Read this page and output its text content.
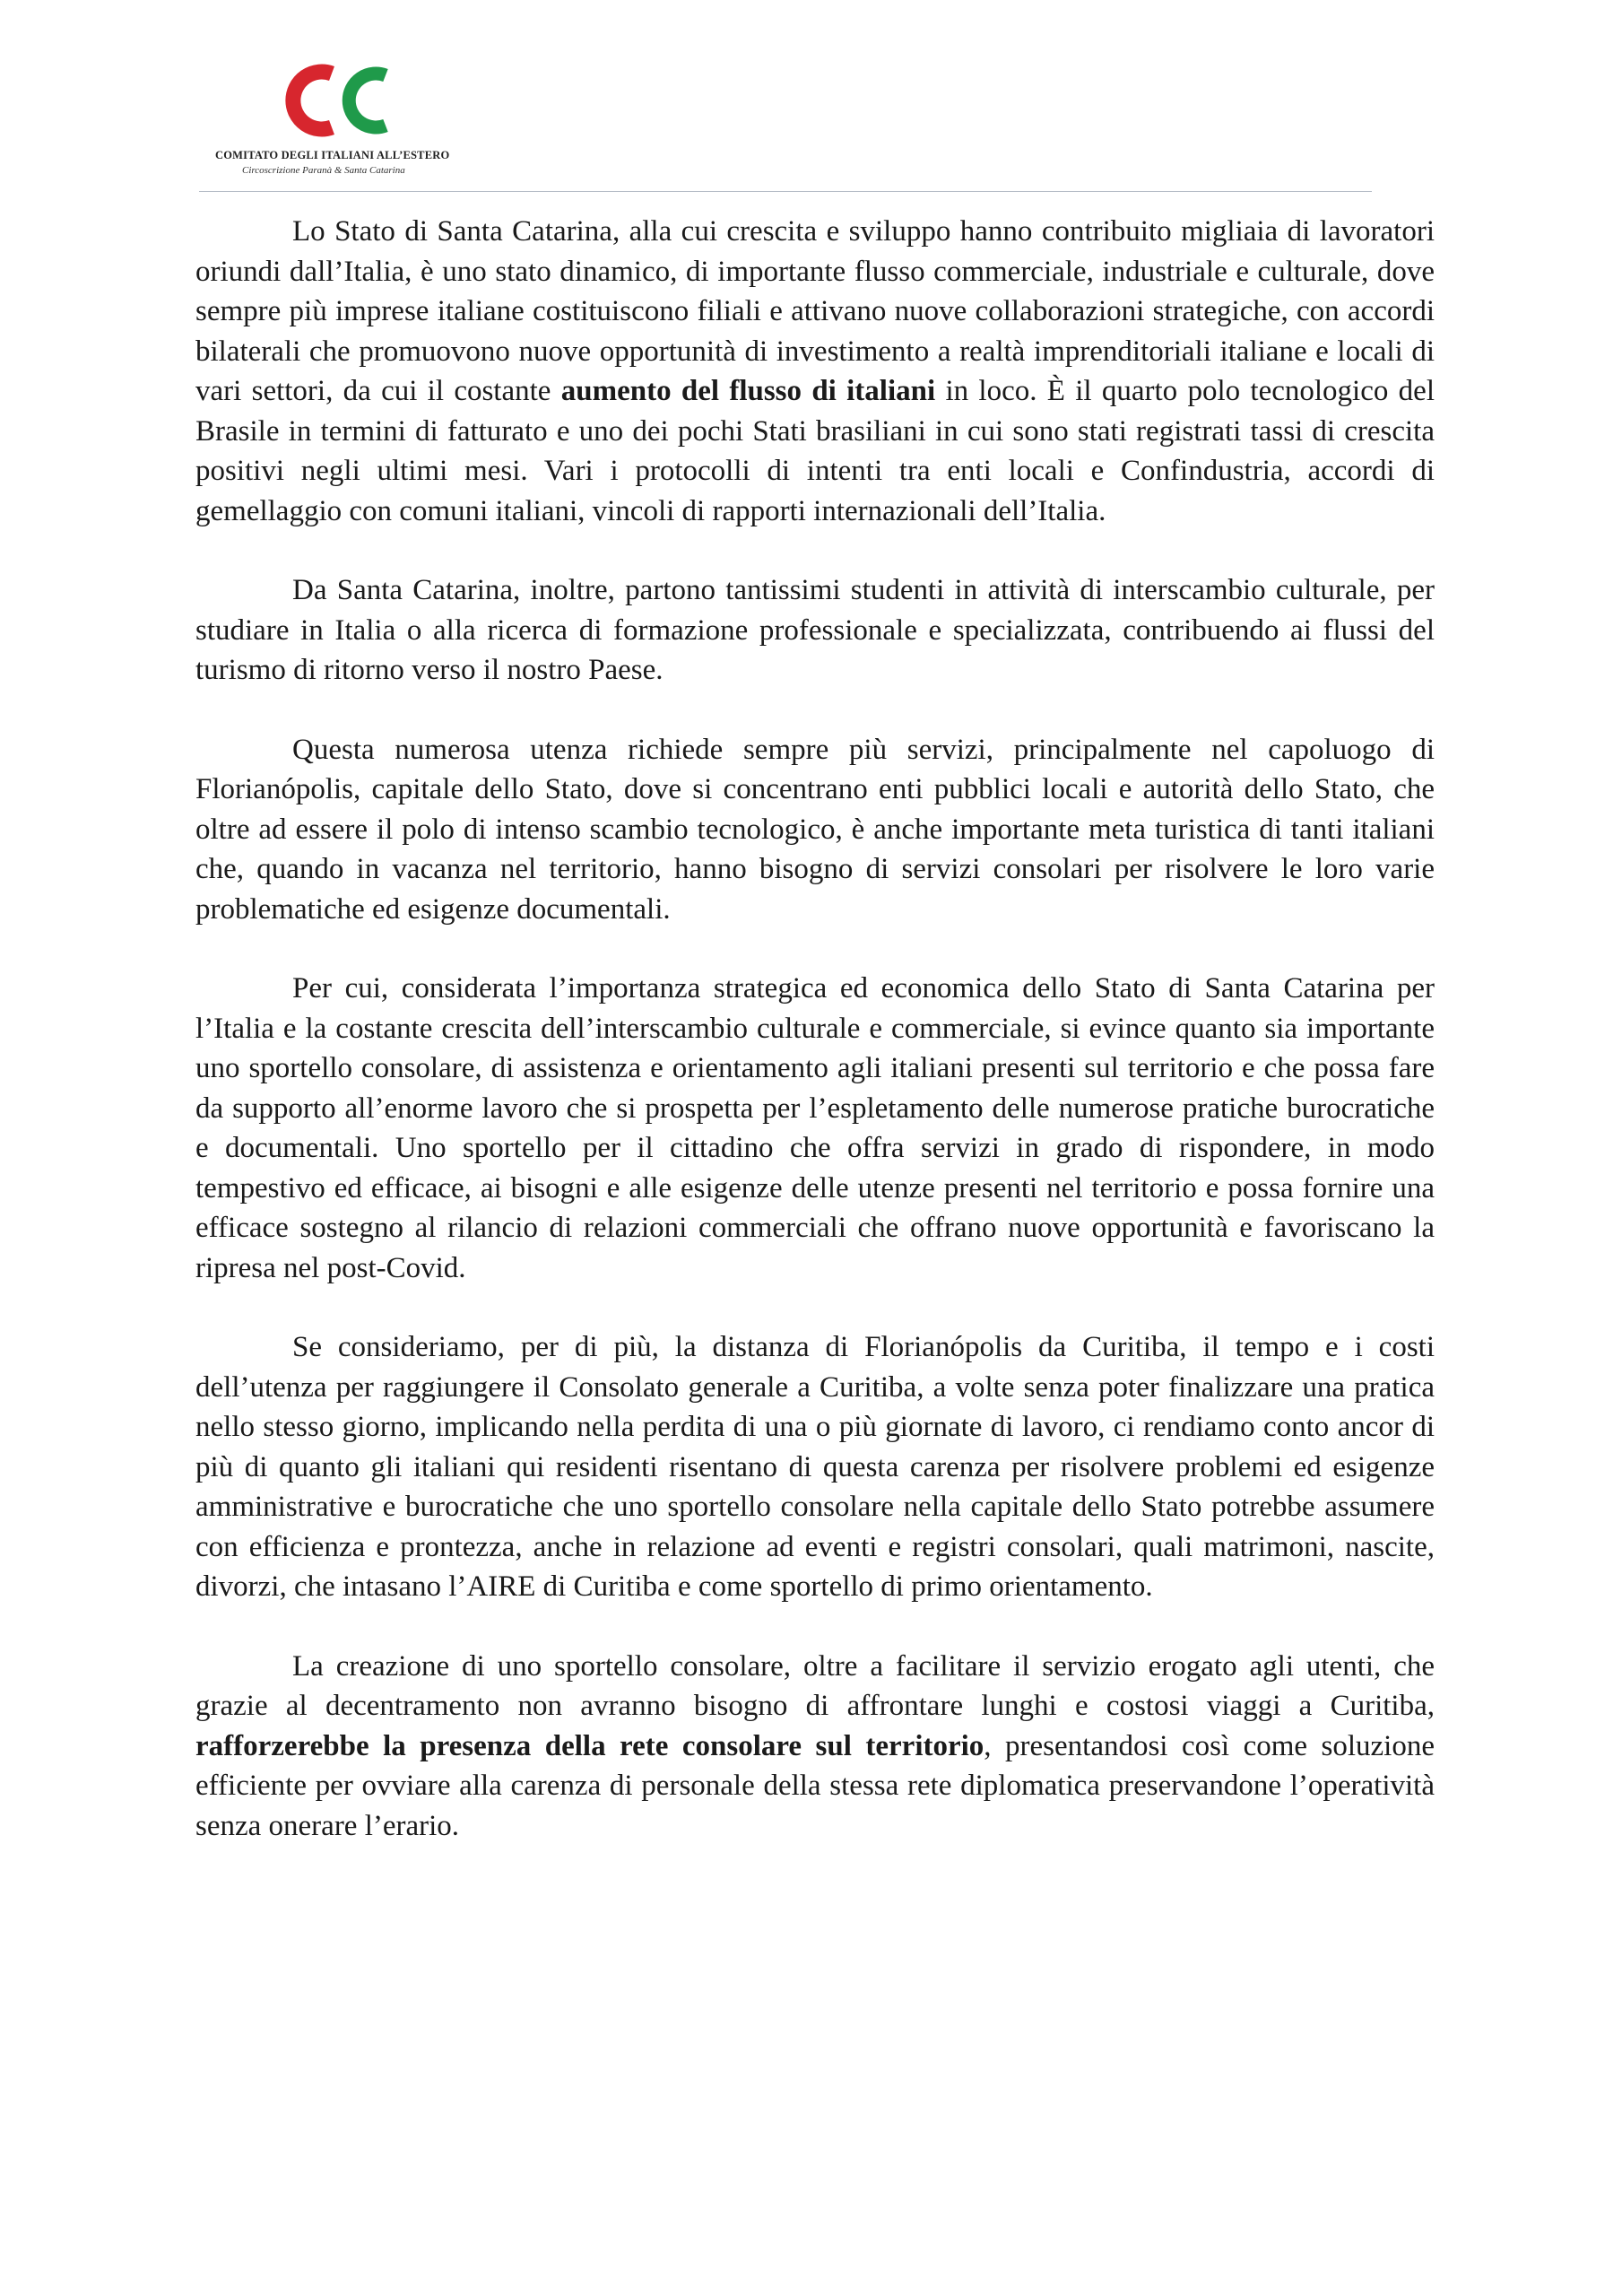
COMITATO DEGLI ITALIANI ALL’ESTERO
Circoscrizione Paranà & Santa Catarina

Lo Stato di Santa Catarina, alla cui crescita e sviluppo hanno contribuito migliaia di lavoratori oriundi dall’Italia, è uno stato dinamico, di importante flusso commerciale, industriale e culturale, dove sempre più imprese italiane costituiscono filiali e attivano nuove collaborazioni strategiche, con accordi bilaterali che promuovono nuove opportunità di investimento a realtà imprenditoriali italiane e locali di vari settori, da cui il costante aumento del flusso di italiani in loco. È il quarto polo tecnologico del Brasile in termini di fatturato e uno dei pochi Stati brasiliani in cui sono stati registrati tassi di crescita positivi negli ultimi mesi. Vari i protocolli di intenti tra enti locali e Confindustria, accordi di gemellaggio con comuni italiani, vincoli di rapporti internazionali dell’Italia.

Da Santa Catarina, inoltre, partono tantissimi studenti in attività di interscambio culturale, per studiare in Italia o alla ricerca di formazione professionale e specializzata, contribuendo ai flussi del turismo di ritorno verso il nostro Paese.

Questa numerosa utenza richiede sempre più servizi, principalmente nel capoluogo di Florianópolis, capitale dello Stato, dove si concentrano enti pubblici locali e autorità dello Stato, che oltre ad essere il polo di intenso scambio tecnologico, è anche importante meta turistica di tanti italiani che, quando in vacanza nel territorio, hanno bisogno di servizi consolari per risolvere le loro varie problematiche ed esigenze documentali.

Per cui, considerata l’importanza strategica ed economica dello Stato di Santa Catarina per l’Italia e la costante crescita dell’interscambio culturale e commerciale, si evince quanto sia importante uno sportello consolare, di assistenza e orientamento agli italiani presenti sul territorio e che possa fare da supporto all’enorme lavoro che si prospetta per l’espletamento delle numerose pratiche burocratiche e documentali. Uno sportello per il cittadino che offra servizi in grado di rispondere, in modo tempestivo ed efficace, ai bisogni e alle esigenze delle utenze presenti nel territorio e possa fornire una efficace sostegno al rilancio di relazioni commerciali che offrano nuove opportunità e favoriscano la ripresa nel post-Covid.

Se consideriamo, per di più, la distanza di Florianópolis da Curitiba, il tempo e i costi dell’utenza per raggiungere il Consolato generale a Curitiba, a volte senza poter finalizzare una pratica nello stesso giorno, implicando nella perdita di una o più giornate di lavoro, ci rendiamo conto ancor di più di quanto gli italiani qui residenti risentano di questa carenza per risolvere problemi ed esigenze amministrative e burocratiche che uno sportello consolare nella capitale dello Stato potrebbe assumere con efficienza e prontezza, anche in relazione ad eventi e registri consolari, quali matrimoni, nascite, divorzi, che intasano l’AIRE di Curitiba e come sportello di primo orientamento.

La creazione di uno sportello consolare, oltre a facilitare il servizio erogato agli utenti, che grazie al decentramento non avranno bisogno di affrontare lunghi e costosi viaggi a Curitiba, rafforzerebbe la presenza della rete consolare sul territorio, presentandosi così come soluzione efficiente per ovviare alla carenza di personale della stessa rete diplomatica preservandone l’operatività senza onerare l’erario.
